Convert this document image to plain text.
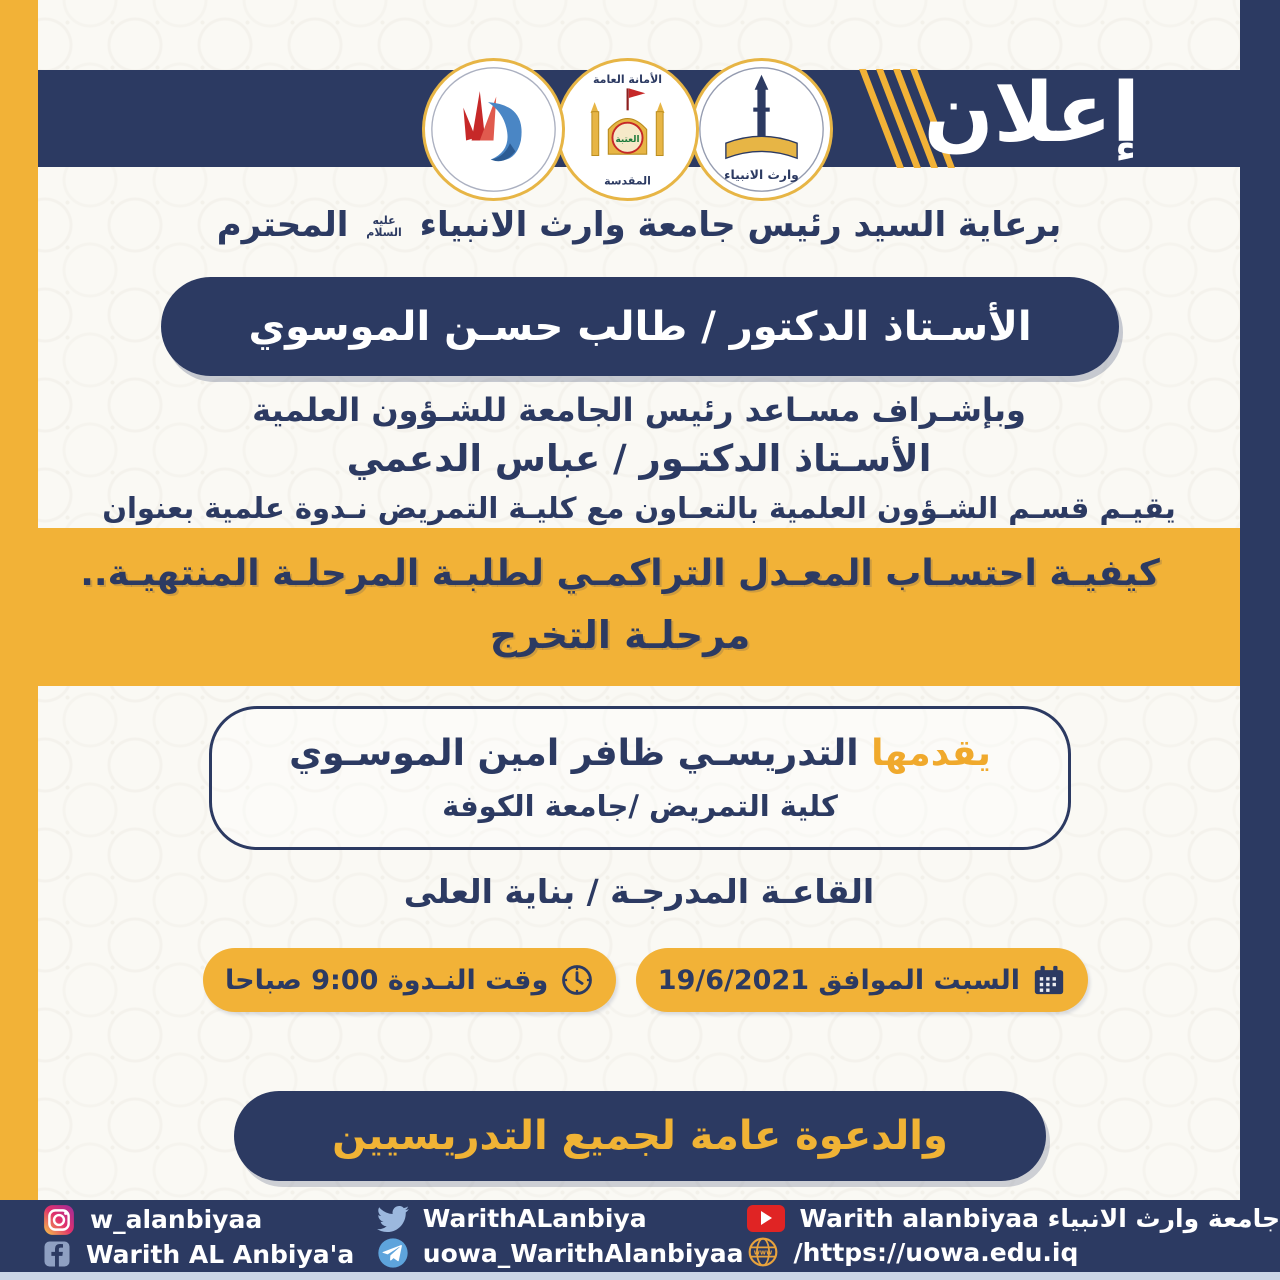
إعلان
وارث الانبياء
الأمانة العامة
العتبة
المقدسة
برعاية السيد رئيس جامعة وارث الانبياء
عليه
السلام
المحترم
الأسـتاذ الدكتور / طالب حسـن الموسوي
وبإشـراف مسـاعد رئيس الجامعة للشـؤون العلمية
الأسـتاذ الدكتـور / عباس الدعمي
يقيـم قسـم الشـؤون العلمية بالتعـاون مع كليـة التمريض نـدوة علمية بعنوان
كيفيـة احتسـاب المعـدل التراكمـي لطلبـة المرحلـة المنتهيـة..
مرحلـة التخرج
يقدمها التدريسـي ظافر امين الموسـوي
كلية التمريض /جامعة الكوفة
القاعـة المدرجـة / بناية العلى
السبت الموافق 19/6/2021
وقت النـدوة 9:00 صباحا
والدعوة عامة لجميع التدريسيين
w_alanbiyaa
Warith AL Anbiya'a
WarithALanbiya
uowa_WarithAlanbiyaa
Warith alanbiyaa جامعة وارث الانبياء
www /https://uowa.edu.iq
